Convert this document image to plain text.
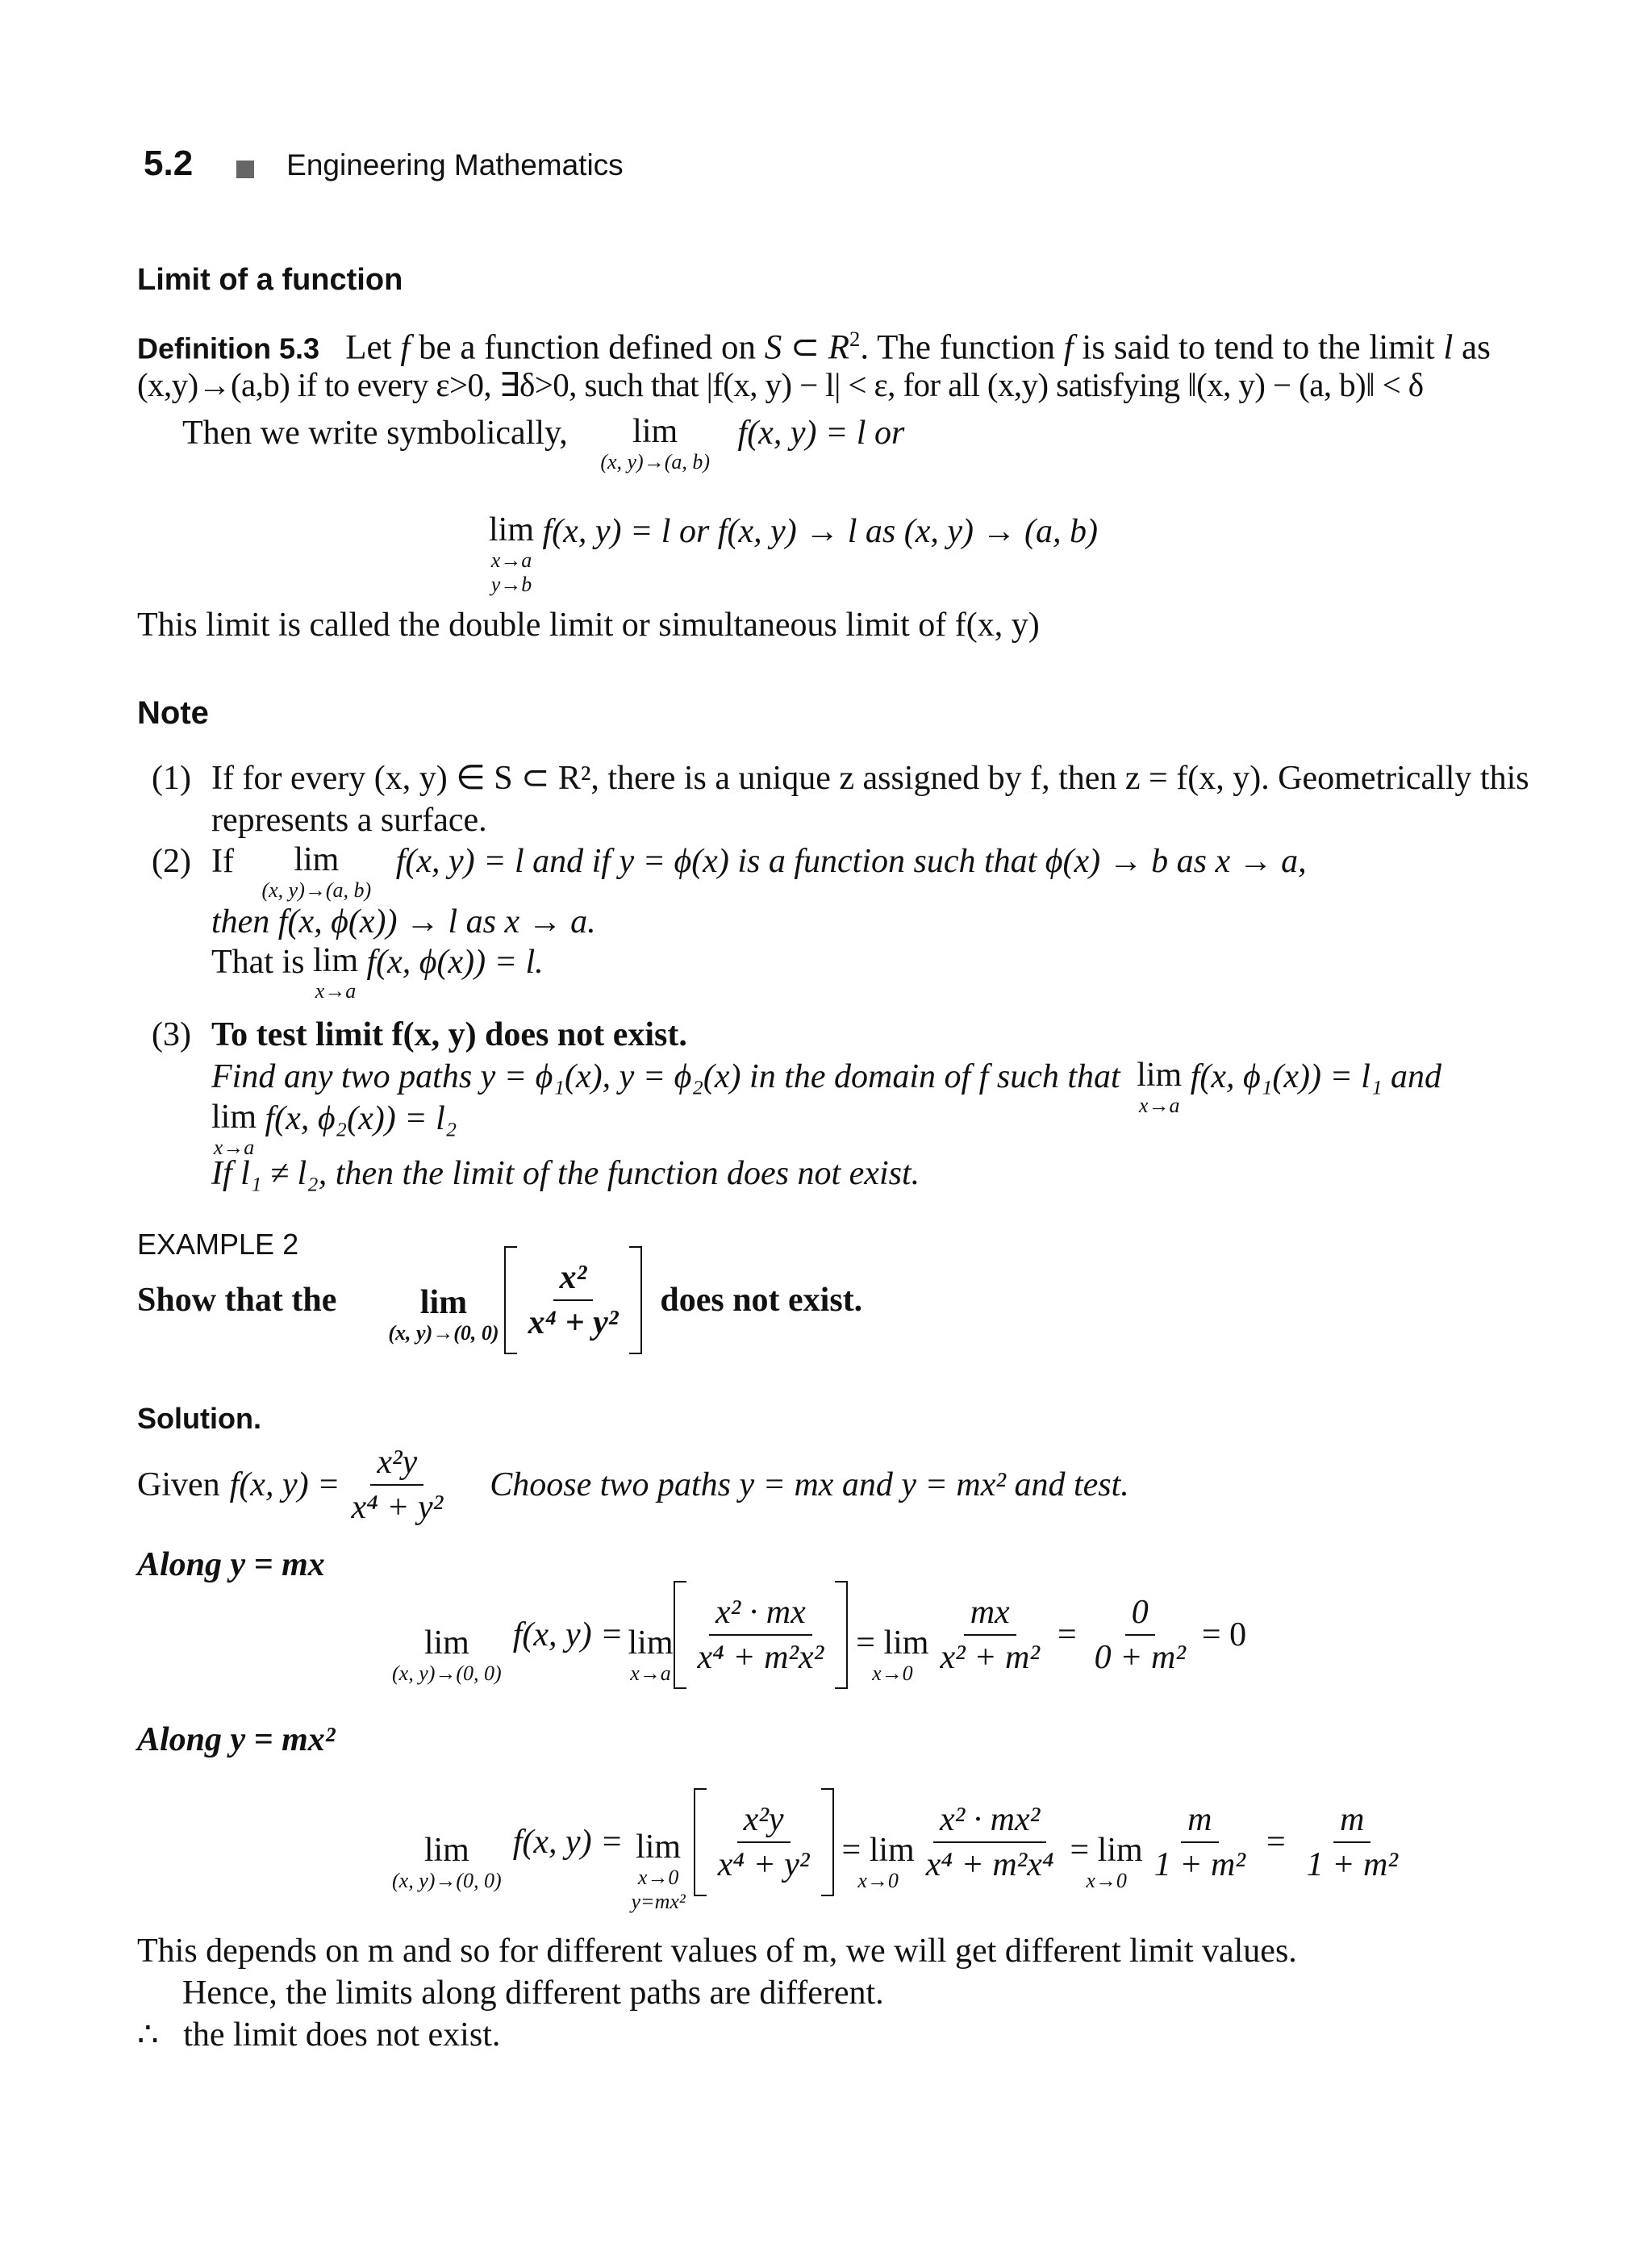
5.2	Engineering Mathematics
Limit of a function
Definition 5.3 Let f be a function defined on S ⊂ $R^2$. The function f is said to tend to the limit l as
(x,y)→(a,b) if to every ε>0, ∃δ>0, such that |f(x, y) − l| < ε, for all (x,y) satisfying ‖(x, y) − (a, b)‖ < δ
Then we write symbolically,	lim
(x, y)→(a, b)
f(x, y) = l or
lim
x→a
y→b
f(x, y) = l or f(x, y) → l as (x, y) → (a, b)
This limit is called the double limit or simultaneous limit of f(x, y)
Note
(1) If for every (x, y) ∈ S ⊂ R², there is a unique z assigned by f, then z = f(x, y). Geometrically this
represents a surface.
(2) If	lim
(x, y)→(a, b)
f(x, y) = l and if y = ϕ(x) is a function such that ϕ(x) → b as x → a,
then f(x, ϕ(x)) → l as x → a.
That is lim
x→a
f(x, ϕ(x)) = l.
(3) To test limit f(x, y) does not exist.
Find any two paths y = ϕ₁(x), y = ϕ₂(x) in the domain of f such that lim
x→a
f(x, ϕ₁(x)) = l₁ and
lim
x→a
f(x, ϕ₂(x)) = l₂
If l₁ ≠ l₂, then the limit of the function does not exist.
EXAMPLE 2
Show that the	lim
(x, y)→(0, $0) \frac{\text{x²}}{\text{x⁴ + y²}}$ does not exist.
Solution.
Given f(x, $y) = \frac{\text{x²y}}{\text{x⁴ + y²}}$ Choose two paths y = mx and y = mx² and test.
Along y = mx
lim
(x, y)→(0, 0)
f(x, y) = lim
$x\to a \frac{\text{x² · mx}}{\text{x⁴ + m²x²}} = \lim$
$x\to 0 \frac{mx}{\text{x² + m²}} = \frac{0}{\text{0 + m²}} = 0$
Along y = mx²
lim
(x, y)→(0, 0)
f(x, y) = lim
x→0
y=mx²
$\frac{\text{x²y}}{\text{x⁴ + y²}} = \lim$
$x\to 0 \frac{\text{x² · mx²}}{\text{x⁴ + m²x⁴}} = \lim$
$x\to 0 \frac{m}{\text{1 + m²}} = \frac{m}{\text{1 + m²}}$
This depends on m and so for different values of m, we will get different limit values.
Hence, the limits along different paths are different.
∴ the limit does not exist.
